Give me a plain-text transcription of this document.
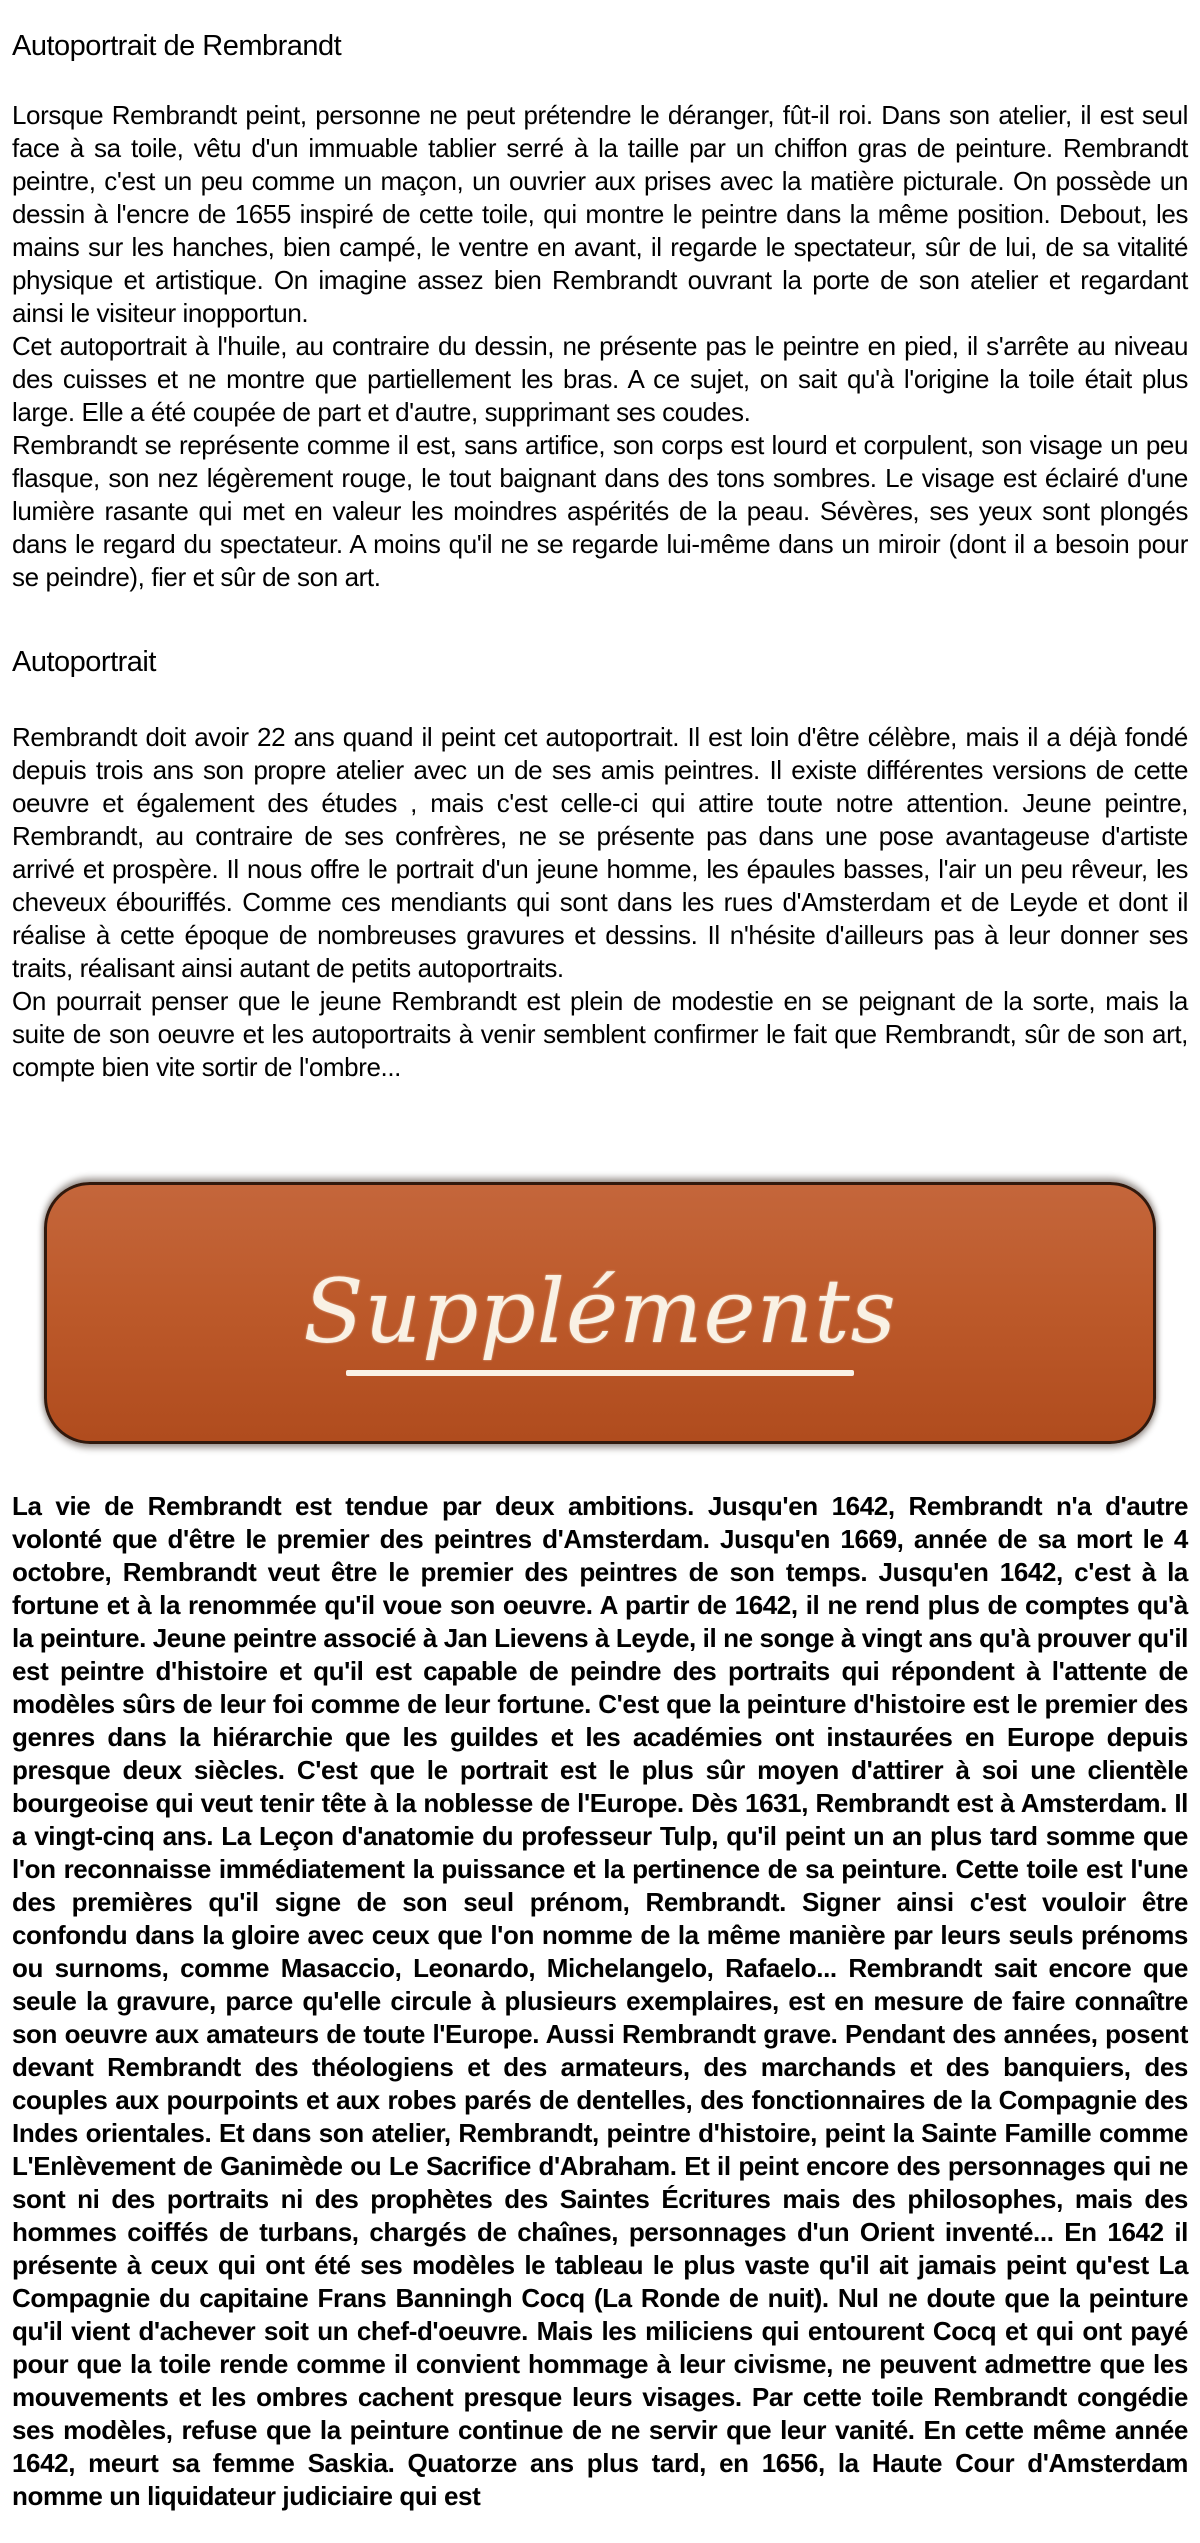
Autoportrait de Rembrandt

Lorsque Rembrandt peint, personne ne peut prétendre le déranger, fût-il roi. Dans son atelier, il est seul face à sa toile, vêtu d'un immuable tablier serré à la taille par un chiffon gras de peinture. Rembrandt peintre, c'est un peu comme un maçon, un ouvrier aux prises avec la matière picturale. On possède un dessin à l'encre de 1655 inspiré de cette toile, qui montre le peintre dans la même position. Debout, les mains sur les hanches, bien campé, le ventre en avant, il regarde le spectateur, sûr de lui, de sa vitalité physique et artistique. On imagine assez bien Rembrandt ouvrant la porte de son atelier et regardant ainsi le visiteur inopportun.

Cet autoportrait à l'huile, au contraire du dessin, ne présente pas le peintre en pied, il s'arrête au niveau des cuisses et ne montre que partiellement les bras. A ce sujet, on sait qu'à l'origine la toile était plus large. Elle a été coupée de part et d'autre, supprimant ses coudes.

Rembrandt se représente comme il est, sans artifice, son corps est lourd et corpulent, son visage un peu flasque, son nez légèrement rouge, le tout baignant dans des tons sombres. Le visage est éclairé d'une lumière rasante qui met en valeur les moindres aspérités de la peau. Sévères, ses yeux sont plongés dans le regard du spectateur. A moins qu'il ne se regarde lui-même dans un miroir (dont il a besoin pour se peindre), fier et sûr de son art.

Autoportrait

Rembrandt doit avoir 22 ans quand il peint cet autoportrait. Il est loin d'être célèbre, mais il a déjà fondé depuis trois ans son propre atelier avec un de ses amis peintres. Il existe différentes versions de cette oeuvre et également des études , mais c'est celle-ci qui attire toute notre attention. Jeune peintre, Rembrandt, au contraire de ses confrères, ne se présente pas dans une pose avantageuse d'artiste arrivé et prospère. Il nous offre le portrait d'un jeune homme, les épaules basses, l'air un peu rêveur, les cheveux ébouriffés. Comme ces mendiants qui sont dans les rues d'Amsterdam et de Leyde et dont il réalise à cette époque de nombreuses gravures et dessins. Il n'hésite d'ailleurs pas à leur donner ses traits, réalisant ainsi autant de petits autoportraits.

On pourrait penser que le jeune Rembrandt est plein de modestie en se peignant de la sorte, mais la suite de son oeuvre et les autoportraits à venir semblent confirmer le fait que Rembrandt, sûr de son art, compte bien vite sortir de l'ombre...

Suppléments

La vie de Rembrandt est tendue par deux ambitions. Jusqu'en 1642, Rembrandt n'a d'autre volonté que d'être le premier des peintres d'Amsterdam. Jusqu'en 1669, année de sa mort le 4 octobre, Rembrandt veut être le premier des peintres de son temps. Jusqu'en 1642, c'est à la fortune et à la renommée qu'il voue son oeuvre. A partir de 1642, il ne rend plus de comptes qu'à la peinture. Jeune peintre associé à Jan Lievens à Leyde, il ne songe à vingt ans qu'à prouver qu'il est peintre d'histoire et qu'il est capable de peindre des portraits qui répondent à l'attente de modèles sûrs de leur foi comme de leur fortune. C'est que la peinture d'histoire est le premier des genres dans la hiérarchie que les guildes et les académies ont instaurées en Europe depuis presque deux siècles. C'est que le portrait est le plus sûr moyen d'attirer à soi une clientèle bourgeoise qui veut tenir tête à la noblesse de l'Europe. Dès 1631, Rembrandt est à Amsterdam. Il a vingt-cinq ans. La Leçon d'anatomie du professeur Tulp, qu'il peint un an plus tard somme que l'on reconnaisse immédiatement la puissance et la pertinence de sa peinture. Cette toile est l'une des premières qu'il signe de son seul prénom, Rembrandt. Signer ainsi c'est vouloir être confondu dans la gloire avec ceux que l'on nomme de la même manière par leurs seuls prénoms ou surnoms, comme Masaccio, Leonardo, Michelangelo, Rafaelo... Rembrandt sait encore que seule la gravure, parce qu'elle circule à plusieurs exemplaires, est en mesure de faire connaître son oeuvre aux amateurs de toute l'Europe. Aussi Rembrandt grave. Pendant des années, posent devant Rembrandt des théologiens et des armateurs, des marchands et des banquiers, des couples aux pourpoints et aux robes parés de dentelles, des fonctionnaires de la Compagnie des Indes orientales. Et dans son atelier, Rembrandt, peintre d'histoire, peint la Sainte Famille comme L'Enlèvement de Ganimède ou Le Sacrifice d'Abraham. Et il peint encore des personnages qui ne sont ni des portraits ni des prophètes des Saintes Écritures mais des philosophes, mais des hommes coiffés de turbans, chargés de chaînes, personnages d'un Orient inventé... En 1642 il présente à ceux qui ont été ses modèles le tableau le plus vaste qu'il ait jamais peint qu'est La Compagnie du capitaine Frans Banningh Cocq (La Ronde de nuit). Nul ne doute que la peinture qu'il vient d'achever soit un chef-d'oeuvre. Mais les miliciens qui entourent Cocq et qui ont payé pour que la toile rende comme il convient hommage à leur civisme, ne peuvent admettre que les mouvements et les ombres cachent presque leurs visages. Par cette toile Rembrandt congédie ses modèles, refuse que la peinture continue de ne servir que leur vanité. En cette même année 1642, meurt sa femme Saskia. Quatorze ans plus tard, en 1656, la Haute Cour d'Amsterdam nomme un liquidateur judiciaire qui est
